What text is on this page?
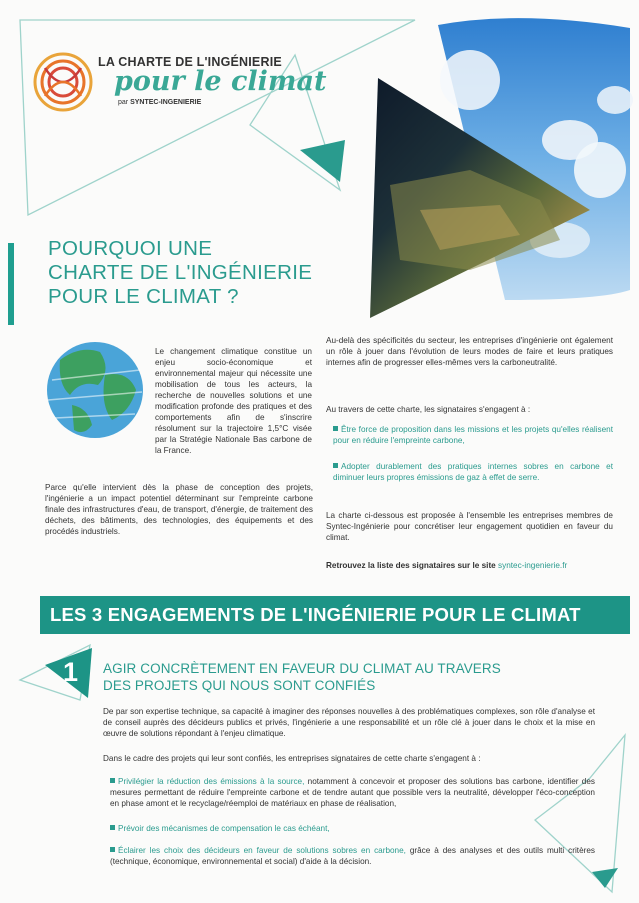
LA CHARTE DE L'INGÉNIERIE
pour le climat
par SYNTEC-INGENIERIE
POURQUOI UNE
CHARTE DE L'INGÉNIERIE
POUR LE CLIMAT ?
Le changement climatique constitue un enjeu socio-économique et environnemental majeur qui nécessite une mobilisation de tous les acteurs, la recherche de nouvelles solutions et une modification profonde des pratiques et des comportements afin de s'inscrire résolument sur la trajectoire 1,5°C visée par la Stratégie Nationale Bas carbone de la France.
Parce qu'elle intervient dès la phase de conception des projets, l'ingénierie a un impact potentiel déterminant sur l'empreinte carbone finale des infrastructures d'eau, de transport, d'énergie, de traitement des déchets, des bâtiments, des technologies, des équipements et des procédés industriels.
Au-delà des spécificités du secteur, les entreprises d'ingénierie ont également un rôle à jouer dans l'évolution de leurs modes de faire et leurs pratiques internes afin de progresser elles-mêmes vers la carboneutralité.
Au travers de cette charte, les signataires s'engagent à :
Être force de proposition dans les missions et les projets qu'elles réalisent pour en réduire l'empreinte carbone,
Adopter durablement des pratiques internes sobres en carbone et diminuer leurs propres émissions de gaz à effet de serre.
La charte ci-dessous est proposée à l'ensemble les entreprises membres de Syntec-Ingénierie pour concrétiser leur engagement quotidien en faveur du climat.
Retrouvez la liste des signataires sur le site syntec-ingenierie.fr
LES 3 ENGAGEMENTS DE L'INGÉNIERIE POUR LE CLIMAT
1 AGIR CONCRÈTEMENT EN FAVEUR DU CLIMAT AU TRAVERS
DES PROJETS QUI NOUS SONT CONFIÉS
De par son expertise technique, sa capacité à imaginer des réponses nouvelles à des problématiques complexes, son rôle d'analyse et de conseil auprès des décideurs publics et privés, l'ingénierie a une responsabilité et un rôle clé à jouer dans le choix et la mise en œuvre de solutions répondant à l'enjeu climatique.
Dans le cadre des projets qui leur sont confiés, les entreprises signataires de cette charte s'engagent à :
Privilégier la réduction des émissions à la source, notamment à concevoir et proposer des solutions bas carbone, identifier des mesures permettant de réduire l'empreinte carbone et de tendre autant que possible vers la neutralité, développer l'éco-conception en phase amont et le recyclage/réemploi de matériaux en phase de réalisation,
Prévoir des mécanismes de compensation le cas échéant,
Éclairer les choix des décideurs en faveur de solutions sobres en carbone, grâce à des analyses et des outils multi critères (technique, économique, environnemental et social) d'aide à la décision.
